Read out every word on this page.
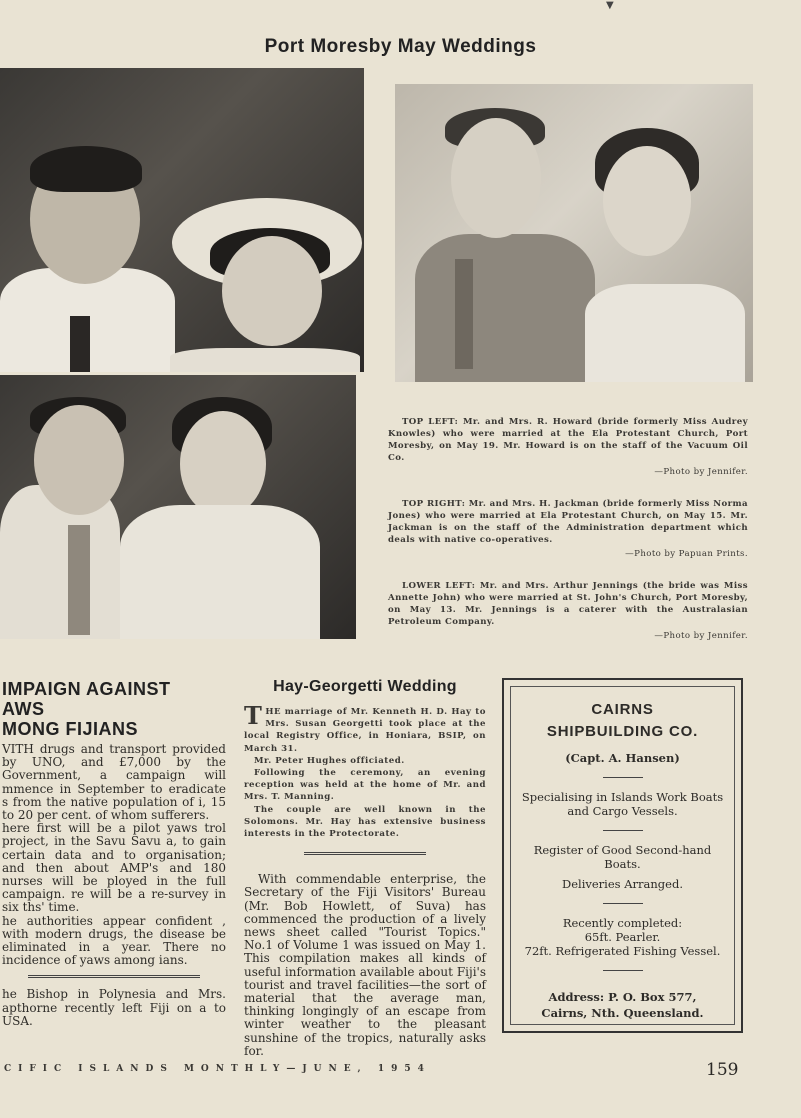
▼
Port Moresby May Weddings
TOP LEFT: Mr. and Mrs. R. Howard (bride formerly Miss Audrey Knowles) who were married at the Ela Protestant Church, Port Moresby, on May 19. Mr. Howard is on the staff of the Vacuum Oil Co.
—Photo by Jennifer.
TOP RIGHT: Mr. and Mrs. H. Jackman (bride formerly Miss Norma Jones) who were married at Ela Protestant Church, on May 15. Mr. Jackman is on the staff of the Administration department which deals with native co-operatives.
—Photo by Papuan Prints.
LOWER LEFT: Mr. and Mrs. Arthur Jennings (the bride was Miss Annette John) who were married at St. John's Church, Port Moresby, on May 13. Mr. Jennings is a caterer with the Australasian Petroleum Company.
—Photo by Jennifer.
IMPAIGN AGAINST
AWS
MONG FIJIANS

VITH drugs and transport provided by UNO, and £7,000 by the Government, a campaign will mmence in September to eradicate s from the native population of i, 15 to 20 per cent. of whom sufferers.

here first will be a pilot yaws trol project, in the Savu Savu a, to gain certain data and to organisation; and then about AMP's and 180 nurses will be ployed in the full campaign. re will be a re-survey in six ths' time.

he authorities appear confident , with modern drugs, the disease be eliminated in a year. There no incidence of yaws among ians.

he Bishop in Polynesia and Mrs. apthorne recently left Fiji on a to USA.
Hay-Georgetti Wedding
THE marriage of Mr. Kenneth H. D. Hay to Mrs. Susan Georgetti took place at the local Registry Office, in Honiara, BSIP, on March 31.
Mr. Peter Hughes officiated.
Following the ceremony, an evening reception was held at the home of Mr. and Mrs. T. Manning.
The couple are well known in the Solomons. Mr. Hay has extensive business interests in the Protectorate.
With commendable enterprise, the Secretary of the Fiji Visitors' Bureau (Mr. Bob Howlett, of Suva) has commenced the production of a lively news sheet called "Tourist Topics." No.1 of Volume 1 was issued on May 1. This compilation makes all kinds of useful information available about Fiji's tourist and travel facilities—the sort of material that the average man, thinking longingly of an escape from winter weather to the pleasant sunshine of the tropics, naturally asks for.
CAIRNS
SHIPBUILDING CO.
(Capt. A. Hansen)
Specialising in Islands Work Boats and Cargo Vessels.
Register of Good Second-hand Boats.
Deliveries Arranged.
Recently completed:
65ft. Pearler.
72ft. Refrigerated Fishing Vessel.
Address: P. O. Box 577,
Cairns, Nth. Queensland.
CIFIC ISLANDS MONTHLY—JUNE, 1954	159
